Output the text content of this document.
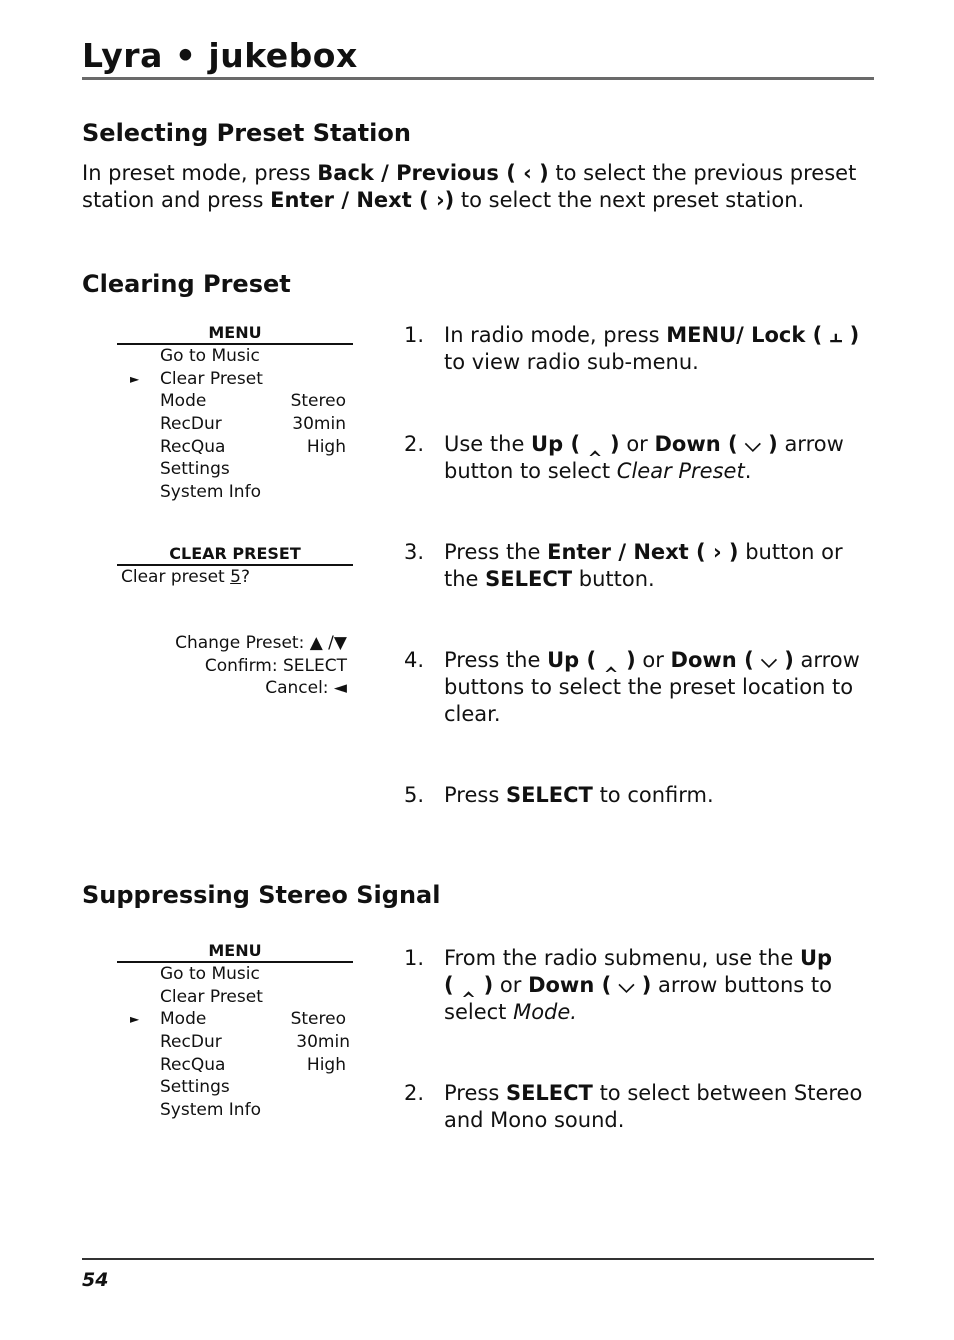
Lyra • jukebox
Selecting Preset Station
In preset mode, press Back / Previous ( ‹ ) to select the previous preset
station and press Enter / Next ( ›) to select the next preset station.
Clearing Preset
MENU
Go to Music
► Clear Preset
Mode	Stereo
RecDur	30min
RecQua	High
Settings
System Info
CLEAR PRESET
Clear preset 5?
Change Preset: ▲ /▼
Confirm: SELECT
Cancel: ◄
1. In radio mode, press MENU/ Lock ( ⫠ )
to view radio sub-menu.
2. Use the Up ( ‸ ) or Down ( ⌵ ) arrow
button to select Clear Preset.
3. Press the Enter / Next ( › ) button or
the SELECT button.
4. Press the Up ( ‸ ) or Down ( ⌵ ) arrow
buttons to select the preset location to
clear.
5. Press SELECT to confirm.
Suppressing Stereo Signal
MENU
Go to Music
Clear Preset
► Mode	Stereo
RecDur	30min
RecQua	High
Settings
System Info
1. From the radio submenu, use the Up
( ‸ ) or Down ( ⌵ ) arrow buttons to
select Mode.
2. Press SELECT to select between Stereo
and Mono sound.
54
